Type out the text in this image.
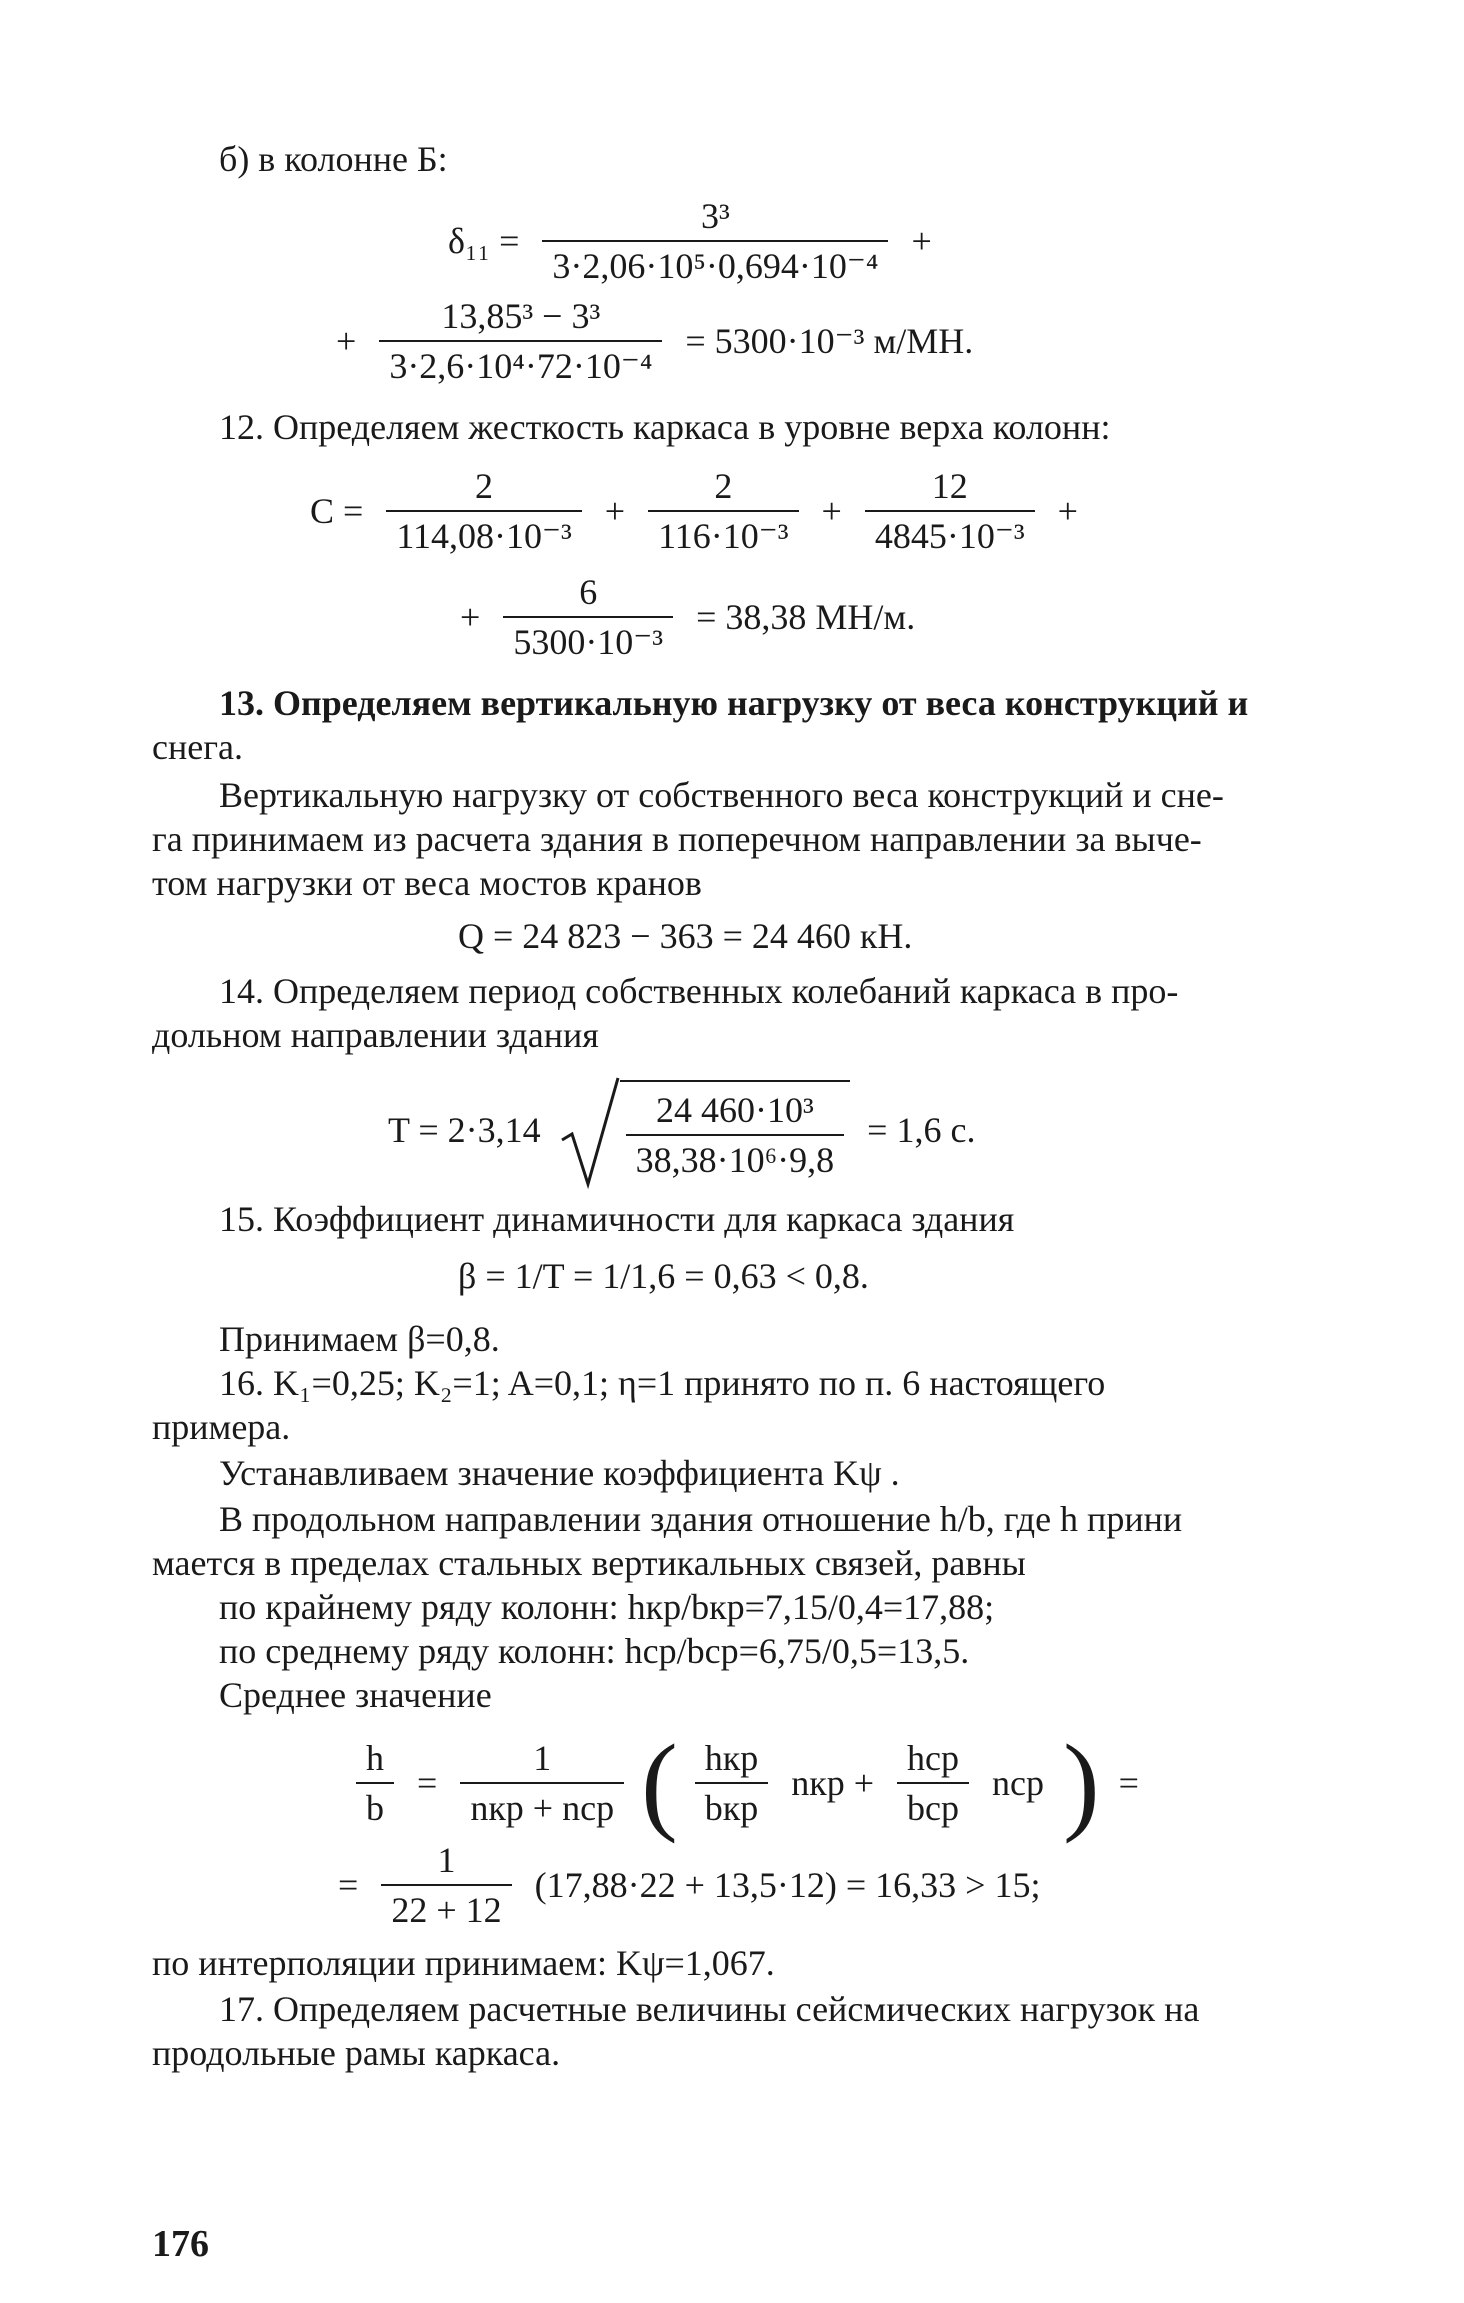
б) в колонне Б:
$\delta_{11} = \frac{\text{3³}}{\text{3·2,06·10⁵·0,694·10⁻⁴}}$ +
+ $\frac{\text{13,85³ − 3³}}{\text{3·2,6·10⁴·72·10⁻⁴}} = 5300\cdot 10^{-3}$ м/МН.
12. Определяем жесткость каркаса в уровне верха колонн:
$C = \frac{2}{\text{114,08·10⁻³}} + \frac{2}{\text{116·10⁻³}} + \frac{12}{\text{4845·10⁻³}}$ +
+ $\frac{6}{\text{5300·10⁻³}} = 38,38$ МН/м.
13. Определяем вертикальную нагрузку от веса конструкций и
снега.
Вертикальную нагрузку от собственного веса конструкций и сне-
га принимаем из расчета здания в поперечном направлении за выче-
том нагрузки от веса мостов кранов
Q = 24 823 − 363 = 24 460 кН.
14. Определяем период собственных колебаний каркаса в про-
дольном направлении здания
$T = 2\cdot 3,14 \frac{\text{24 460·10³}}{\text{38,38·10⁶·9,8}} = 1,6$ с.
15. Коэффициент динамичности для каркаса здания
β = 1/T = 1/1,6 = 0,63 < 0,8.
Принимаем β=0,8.
16. K₁=0,25; K₂=1; A=0,1; η=1 принято по п. 6 настоящего
примера.
Устанавливаем значение коэффициента Kψ .
В продольном направлении здания отношение h/b, где h прини
мается в пределах стальных вертикальных связей, равны
по крайнему ряду колонн: hкр/bкр=7,15/0,4=17,88;
по среднему ряду колонн: hср/bср=6,75/0,5=13,5.
Среднее значение
$\frac{h}{b} = \frac{1}{\text{nкр + nср}}$ ( $\frac{\text{hкр}}{\text{bкр}}$ nкр + $\frac{\text{hср}}{\text{bср}}$ nср ) =
= $\frac{1}{22 + 12} (17,88\cdot 22 + 13,5\cdot 12) = 16,33 > 15$;
по интерполяции принимаем: Kψ=1,067.
17. Определяем расчетные величины сейсмических нагрузок на
продольные рамы каркаса.
176
